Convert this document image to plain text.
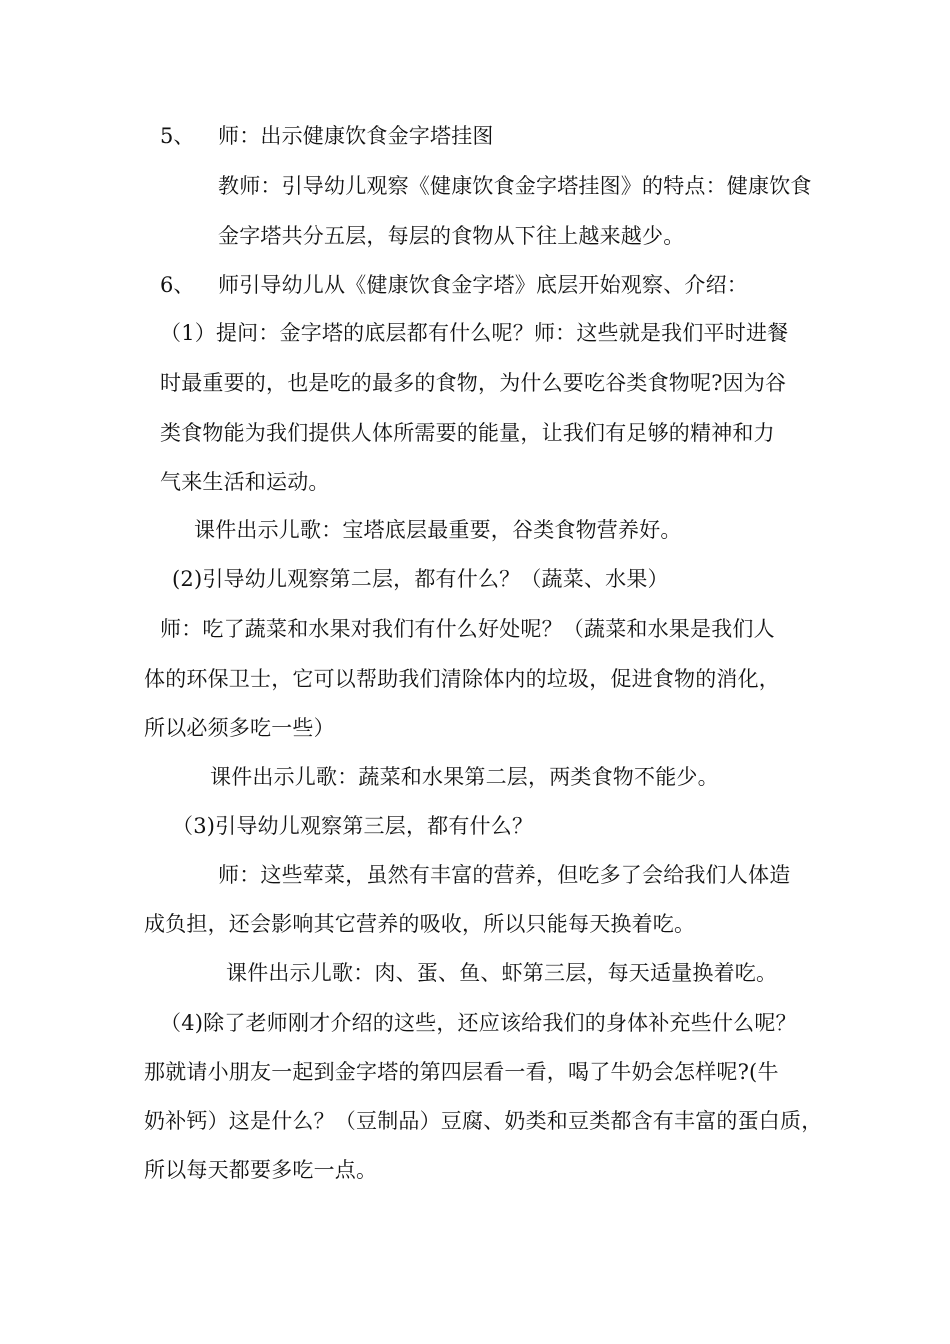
5、 师：出示健康饮食金字塔挂图
教师：引导幼儿观察《健康饮食金字塔挂图》的特点：健康饮食
金字塔共分五层，每层的食物从下往上越来越少。
6、 师引导幼儿从《健康饮食金字塔》底层开始观察、介绍：
（1）提问：金字塔的底层都有什么呢？师：这些就是我们平时进餐
时最重要的，也是吃的最多的食物，为什么要吃谷类食物呢?因为谷
类食物能为我们提供人体所需要的能量，让我们有足够的精神和力
气来生活和运动。
课件出示儿歌：宝塔底层最重要，谷类食物营养好。
(2)引导幼儿观察第二层，都有什么？（蔬菜、水果）
师：吃了蔬菜和水果对我们有什么好处呢？（蔬菜和水果是我们人
体的环保卫士，它可以帮助我们清除体内的垃圾，促进食物的消化，
所以必须多吃一些）
课件出示儿歌：蔬菜和水果第二层，两类食物不能少。
（3)引导幼儿观察第三层，都有什么？
师：这些荤菜，虽然有丰富的营养，但吃多了会给我们人体造
成负担，还会影响其它营养的吸收，所以只能每天换着吃。
课件出示儿歌：肉、蛋、鱼、虾第三层，每天适量换着吃。
（4)除了老师刚才介绍的这些，还应该给我们的身体补充些什么呢？
那就请小朋友一起到金字塔的第四层看一看，喝了牛奶会怎样呢?(牛
奶补钙）这是什么？（豆制品）豆腐、奶类和豆类都含有丰富的蛋白质，
所以每天都要多吃一点。
